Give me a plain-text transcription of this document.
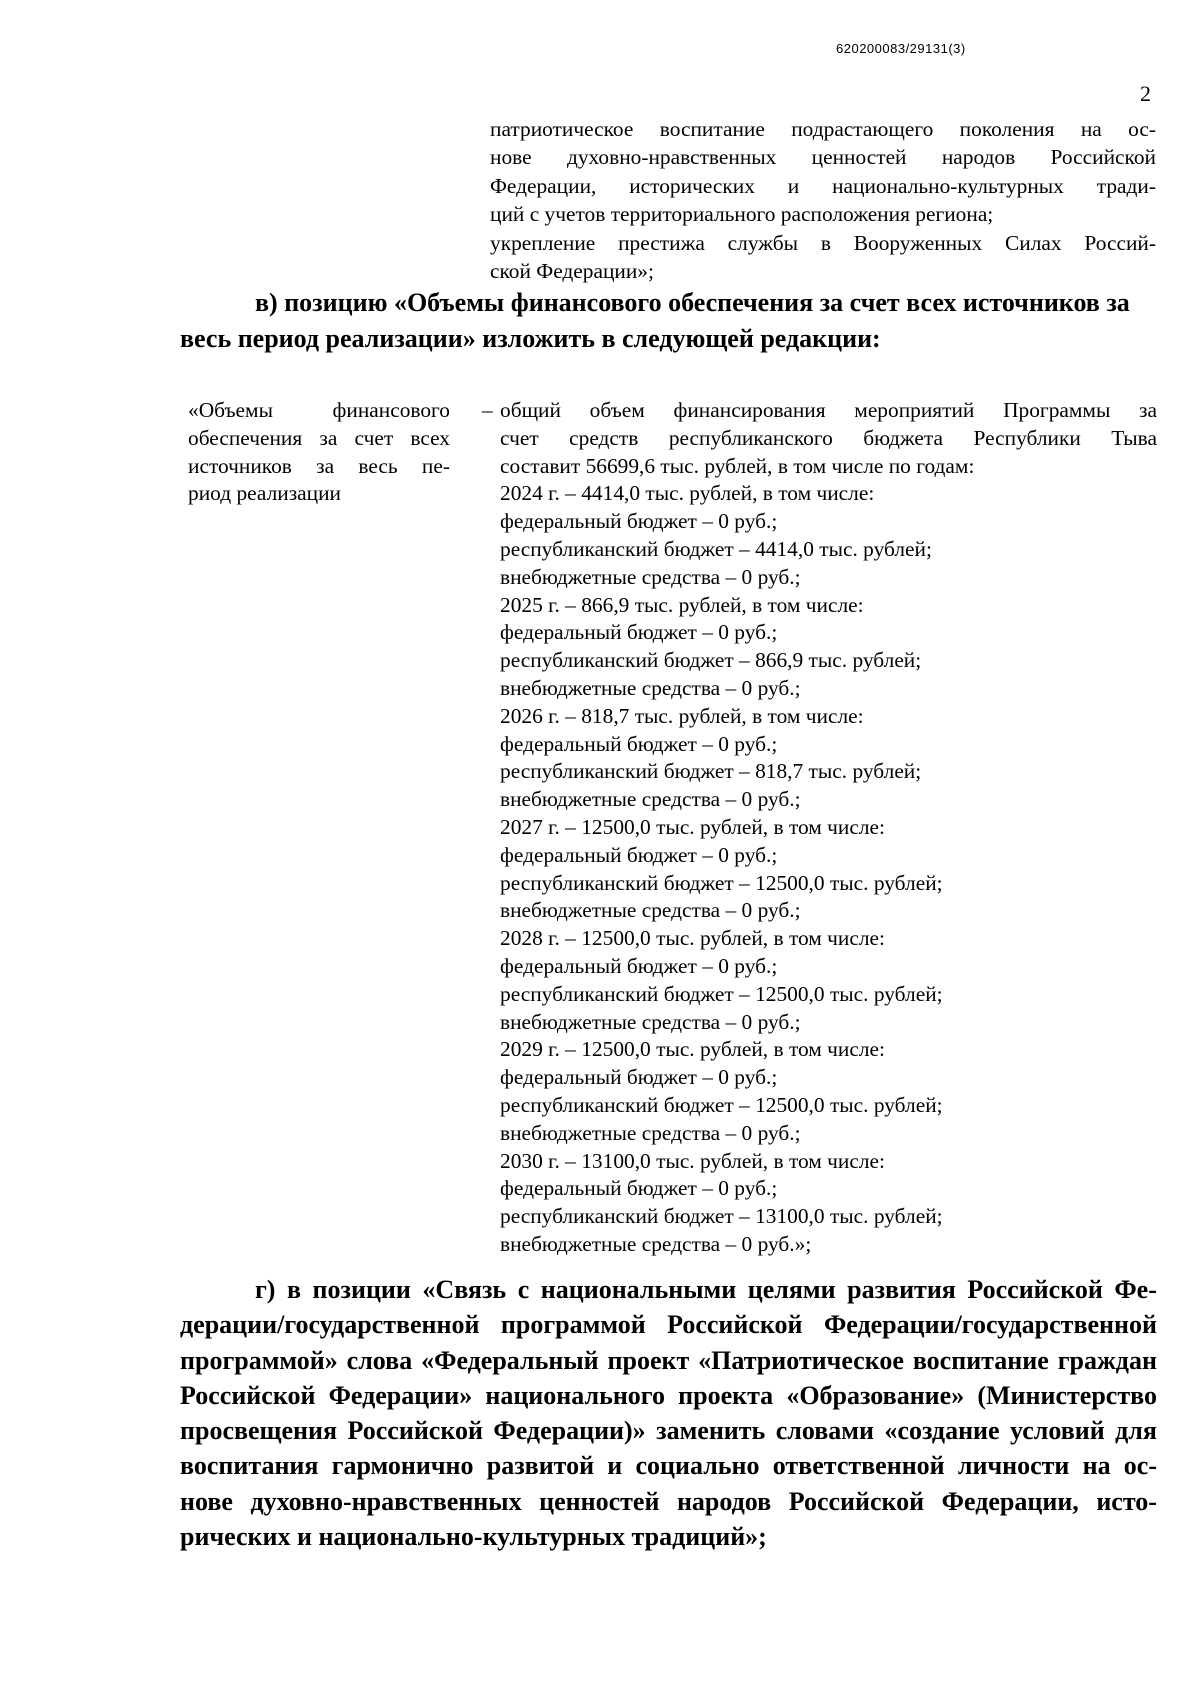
620200083/29131(3)
2
патриотическое воспитание подрастающего поколения на ос-
нове духовно-нравственных ценностей народов Российской
Федерации, исторических и национально-культурных тради-
ций с учетов территориального расположения региона;
укрепление престижа службы в Вооруженных Силах Россий-
ской Федерации»;
в) позицию «Объемы финансового обеспечения за счет всех источников за
весь период реализации» изложить в следующей редакции:
«Объемы	финансового
обеспечения за счет всех
источников за весь пе-
риод реализации
– общий объем финансирования мероприятий Программы за
счет средств республиканского бюджета Республики Тыва
составит 56699,6 тыс. рублей, в том числе по годам:
2024 г. – 4414,0 тыс. рублей, в том числе:
федеральный бюджет – 0 руб.;
республиканский бюджет – 4414,0 тыс. рублей;
внебюджетные средства – 0 руб.;
2025 г. – 866,9 тыс. рублей, в том числе:
федеральный бюджет – 0 руб.;
республиканский бюджет – 866,9 тыс. рублей;
внебюджетные средства – 0 руб.;
2026 г. – 818,7 тыс. рублей, в том числе:
федеральный бюджет – 0 руб.;
республиканский бюджет – 818,7 тыс. рублей;
внебюджетные средства – 0 руб.;
2027 г. – 12500,0 тыс. рублей, в том числе:
федеральный бюджет – 0 руб.;
республиканский бюджет – 12500,0 тыс. рублей;
внебюджетные средства – 0 руб.;
2028 г. – 12500,0 тыс. рублей, в том числе:
федеральный бюджет – 0 руб.;
республиканский бюджет – 12500,0 тыс. рублей;
внебюджетные средства – 0 руб.;
2029 г. – 12500,0 тыс. рублей, в том числе:
федеральный бюджет – 0 руб.;
республиканский бюджет – 12500,0 тыс. рублей;
внебюджетные средства – 0 руб.;
2030 г. – 13100,0 тыс. рублей, в том числе:
федеральный бюджет – 0 руб.;
республиканский бюджет – 13100,0 тыс. рублей;
внебюджетные средства – 0 руб.»;
г) в позиции «Связь с национальными целями развития Российской Фе-
дерации/государственной программой Российской Федерации/государственной
программой» слова «Федеральный проект «Патриотическое воспитание граждан
Российской Федерации» национального проекта «Образование» (Министерство
просвещения Российской Федерации)» заменить словами «создание условий для
воспитания гармонично развитой и социально ответственной личности на ос-
нове духовно-нравственных ценностей народов Российской Федерации, исто-
рических и национально-культурных традиций»;
